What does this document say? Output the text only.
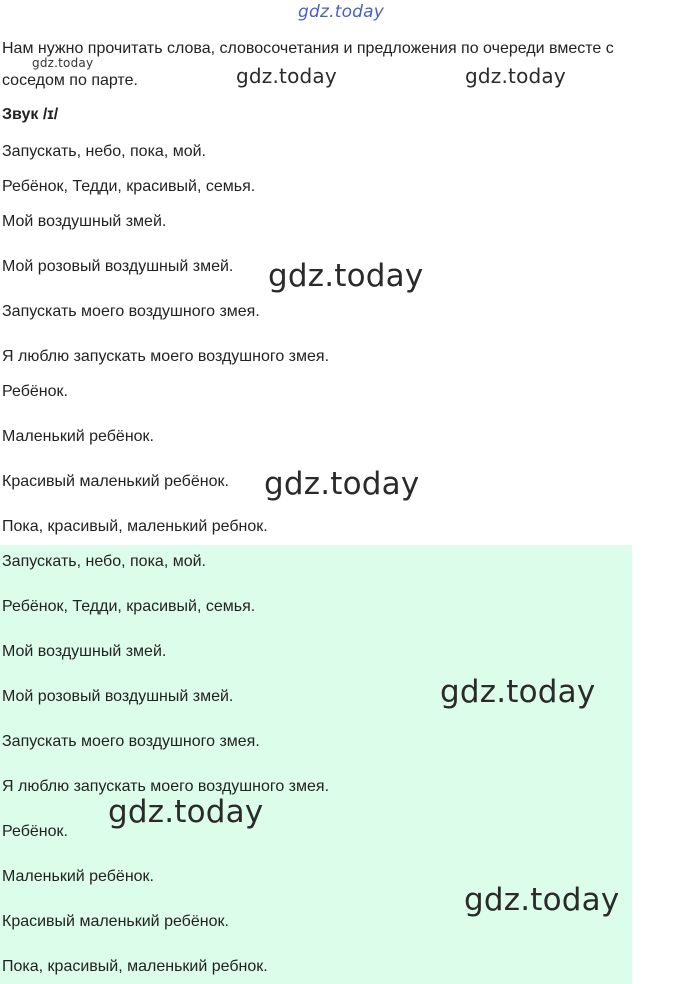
gdz.today
gdz.today
Нам нужно прочитать слова, словосочетания и предложения по очереди вместе с соседом по парте.	gdz.today	gdz.today
Звук /ɪ/
Запускать, небо, пока, мой.
Ребёнок, Тедди, красивый, семья.
Мой воздушный змей.
Мой розовый воздушный змей.
Запускать моего воздушного змея.
Я люблю запускать моего воздушного змея.
Ребёнок.
Маленький ребёнок.
Красивый маленький ребёнок.
Пока, красивый, маленький ребнок.
gdz.today
gdz.today
Запускать, небо, пока, мой.
Ребёнок, Тедди, красивый, семья.
Мой воздушный змей.
Мой розовый воздушный змей.
Запускать моего воздушного змея.
Я люблю запускать моего воздушного змея.
Ребёнок.
Маленький ребёнок.
Красивый маленький ребёнок.
Пока, красивый, маленький ребнок.
gdz.today
gdz.today
gdz.today
